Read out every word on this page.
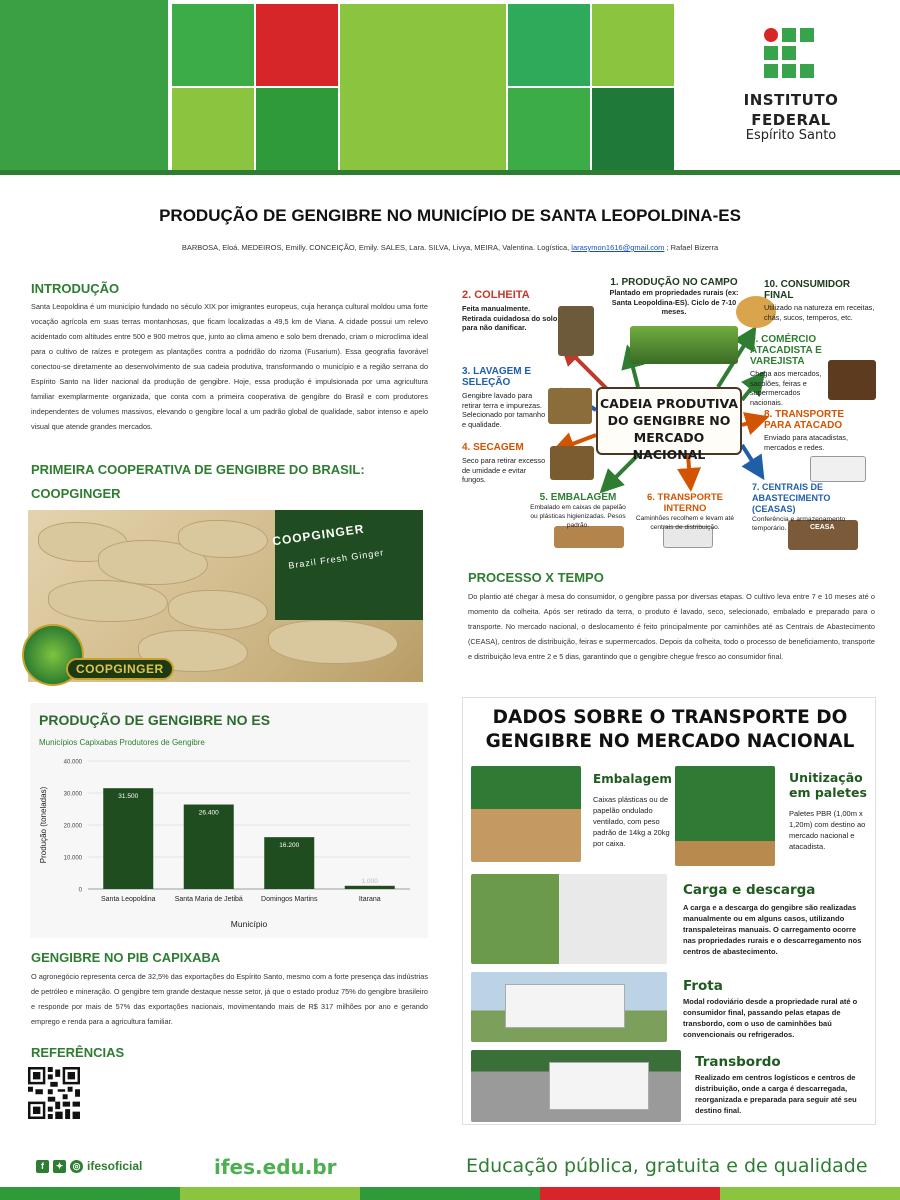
INSTITUTO
FEDERAL
Espírito Santo
PRODUÇÃO DE GENGIBRE NO MUNICÍPIO DE SANTA LEOPOLDINA-ES
BARBOSA, Eloá. MEDEIROS, Emilly. CONCEIÇÃO, Emily. SALES, Lara. SILVA, Livya, MEIRA, Valentina. Logística, larasymon1616@gmail.com ; Rafael Bizerra
INTRODUÇÃO

Santa Leopoldina é um município fundado no século XIX por imigrantes europeus, cuja herança cultural moldou uma forte vocação agrícola em suas terras montanhosas, que ficam localizadas a 49,5 km de Viana. A cidade possui um relevo acidentado com altitudes entre 500 e 900 metros que, junto ao clima ameno e solo bem drenado, criam o microclima ideal para o cultivo de raízes e protegem as plantações contra a podridão do rizoma (Fusarium). Essa geografia favorável conectou-se diretamente ao desenvolvimento de sua cadeia produtiva, transformando o município e a região serrana do Espírito Santo na líder nacional da produção de gengibre. Hoje, essa produção é impulsionada por uma agricultura familiar exemplarmente organizada, que conta com a primeira cooperativa de gengibre do Brasil e com produtores independentes de volumes massivos, elevando o gengibre local a um padrão global de qualidade, sabor intenso e apelo visual que atende grandes mercados.

PRIMEIRA COOPERATIVA DE GENGIBRE DO BRASIL:
COOPGINGER
COOPGINGER
Brazil Fresh Ginger
COOPGINGER
PRODUÇÃO DE GENGIBRE NO ES
Municípios Capixabas Produtores de Gengibre
0
10.000
20.000
30.000
40.000
31.500
Santa Leopoldina
26.400
Santa Maria de Jetibá
16.200
Domingos Martins
1.000
Itarana
Município
Produção (toneladas)
GENGIBRE NO PIB CAPIXABA

O agronegócio representa cerca de 32,5% das exportações do Espírito Santo, mesmo com a forte presença das indústrias de petróleo e mineração. O gengibre tem grande destaque nesse setor, já que o estado produz 75% do gengibre brasileiro e responde por mais de 57% das exportações nacionais, movimentando mais de R$ 317 milhões por ano e gerando emprego e renda para a agricultura familiar.

REFERÊNCIAS
CADEIA PRODUTIVA
DO GENGIBRE NO
MERCADO NACIONAL
CEASA
1. PRODUÇÃO NO CAMPO
Plantado em propriedades rurais (ex: Santa Leopoldina-ES). Ciclo de 7-10 meses.
2. COLHEITA
Feita manualmente. Retirada cuidadosa do solo para não danificar.
3. LAVAGEM E SELEÇÃO
Gengibre lavado para retirar terra e impurezas. Selecionado por tamanho e qualidade.
4. SECAGEM
Seco para retirar excesso de umidade e evitar fungos.
5. EMBALAGEM
Embalado em caixas de papelão ou plásticas higienizadas. Pesos padrão.
6. TRANSPORTE INTERNO
Caminhões recolhem e levam até centrais de distribuição.
7. CENTRAIS DE ABASTECIMENTO (CEASAS)
Conferência e armazenamento temporário.
8. TRANSPORTE PARA ATACADO
Enviado para atacadistas, mercados e redes.
9. COMÉRCIO ATACADISTA E VAREJISTA
Chega aos mercados, sacolões, feiras e supermercados nacionais.
10. CONSUMIDOR FINAL
Utilizado na natureza em receitas, chás, sucos, temperos, etc.
PROCESSO X TEMPO

Do plantio até chegar à mesa do consumidor, o gengibre passa por diversas etapas. O cultivo leva entre 7 e 10 meses até o momento da colheita. Após ser retirado da terra, o produto é lavado, seco, selecionado, embalado e preparado para o transporte. No mercado nacional, o deslocamento é feito principalmente por caminhões até as Centrais de Abastecimento (CEASA), centros de distribuição, feiras e supermercados. Depois da colheita, todo o processo de beneficiamento, transporte e distribuição leva entre 2 e 5 dias, garantindo que o gengibre chegue fresco ao consumidor final.

DADOS SOBRE O TRANSPORTE DO
GENGIBRE NO MERCADO NACIONAL
Embalagem
Caixas plásticas ou de papelão ondulado ventilado, com peso padrão de 14kg a 20kg por caixa.
Unitização em paletes
Paletes PBR (1,00m x 1,20m) com destino ao mercado nacional e atacadista.
Carga e descarga
A carga e a descarga do gengibre são realizadas manualmente ou em alguns casos, utilizando transpaleteiras manuais. O carregamento ocorre nas propriedades rurais e o descarregamento nos centros de abastecimento.
Frota
Modal rodoviário desde a propriedade rural até o consumidor final, passando pelas etapas de transbordo, com o uso de caminhões baú convencionais ou refrigerados.
Transbordo
Realizado em centros logísticos e centros de distribuição, onde a carga é descarregada, reorganizada e preparada para seguir até seu destino final.
f	✦	◎ ifesoficial	ifes.edu.br	Educação pública, gratuita e de qualidade
